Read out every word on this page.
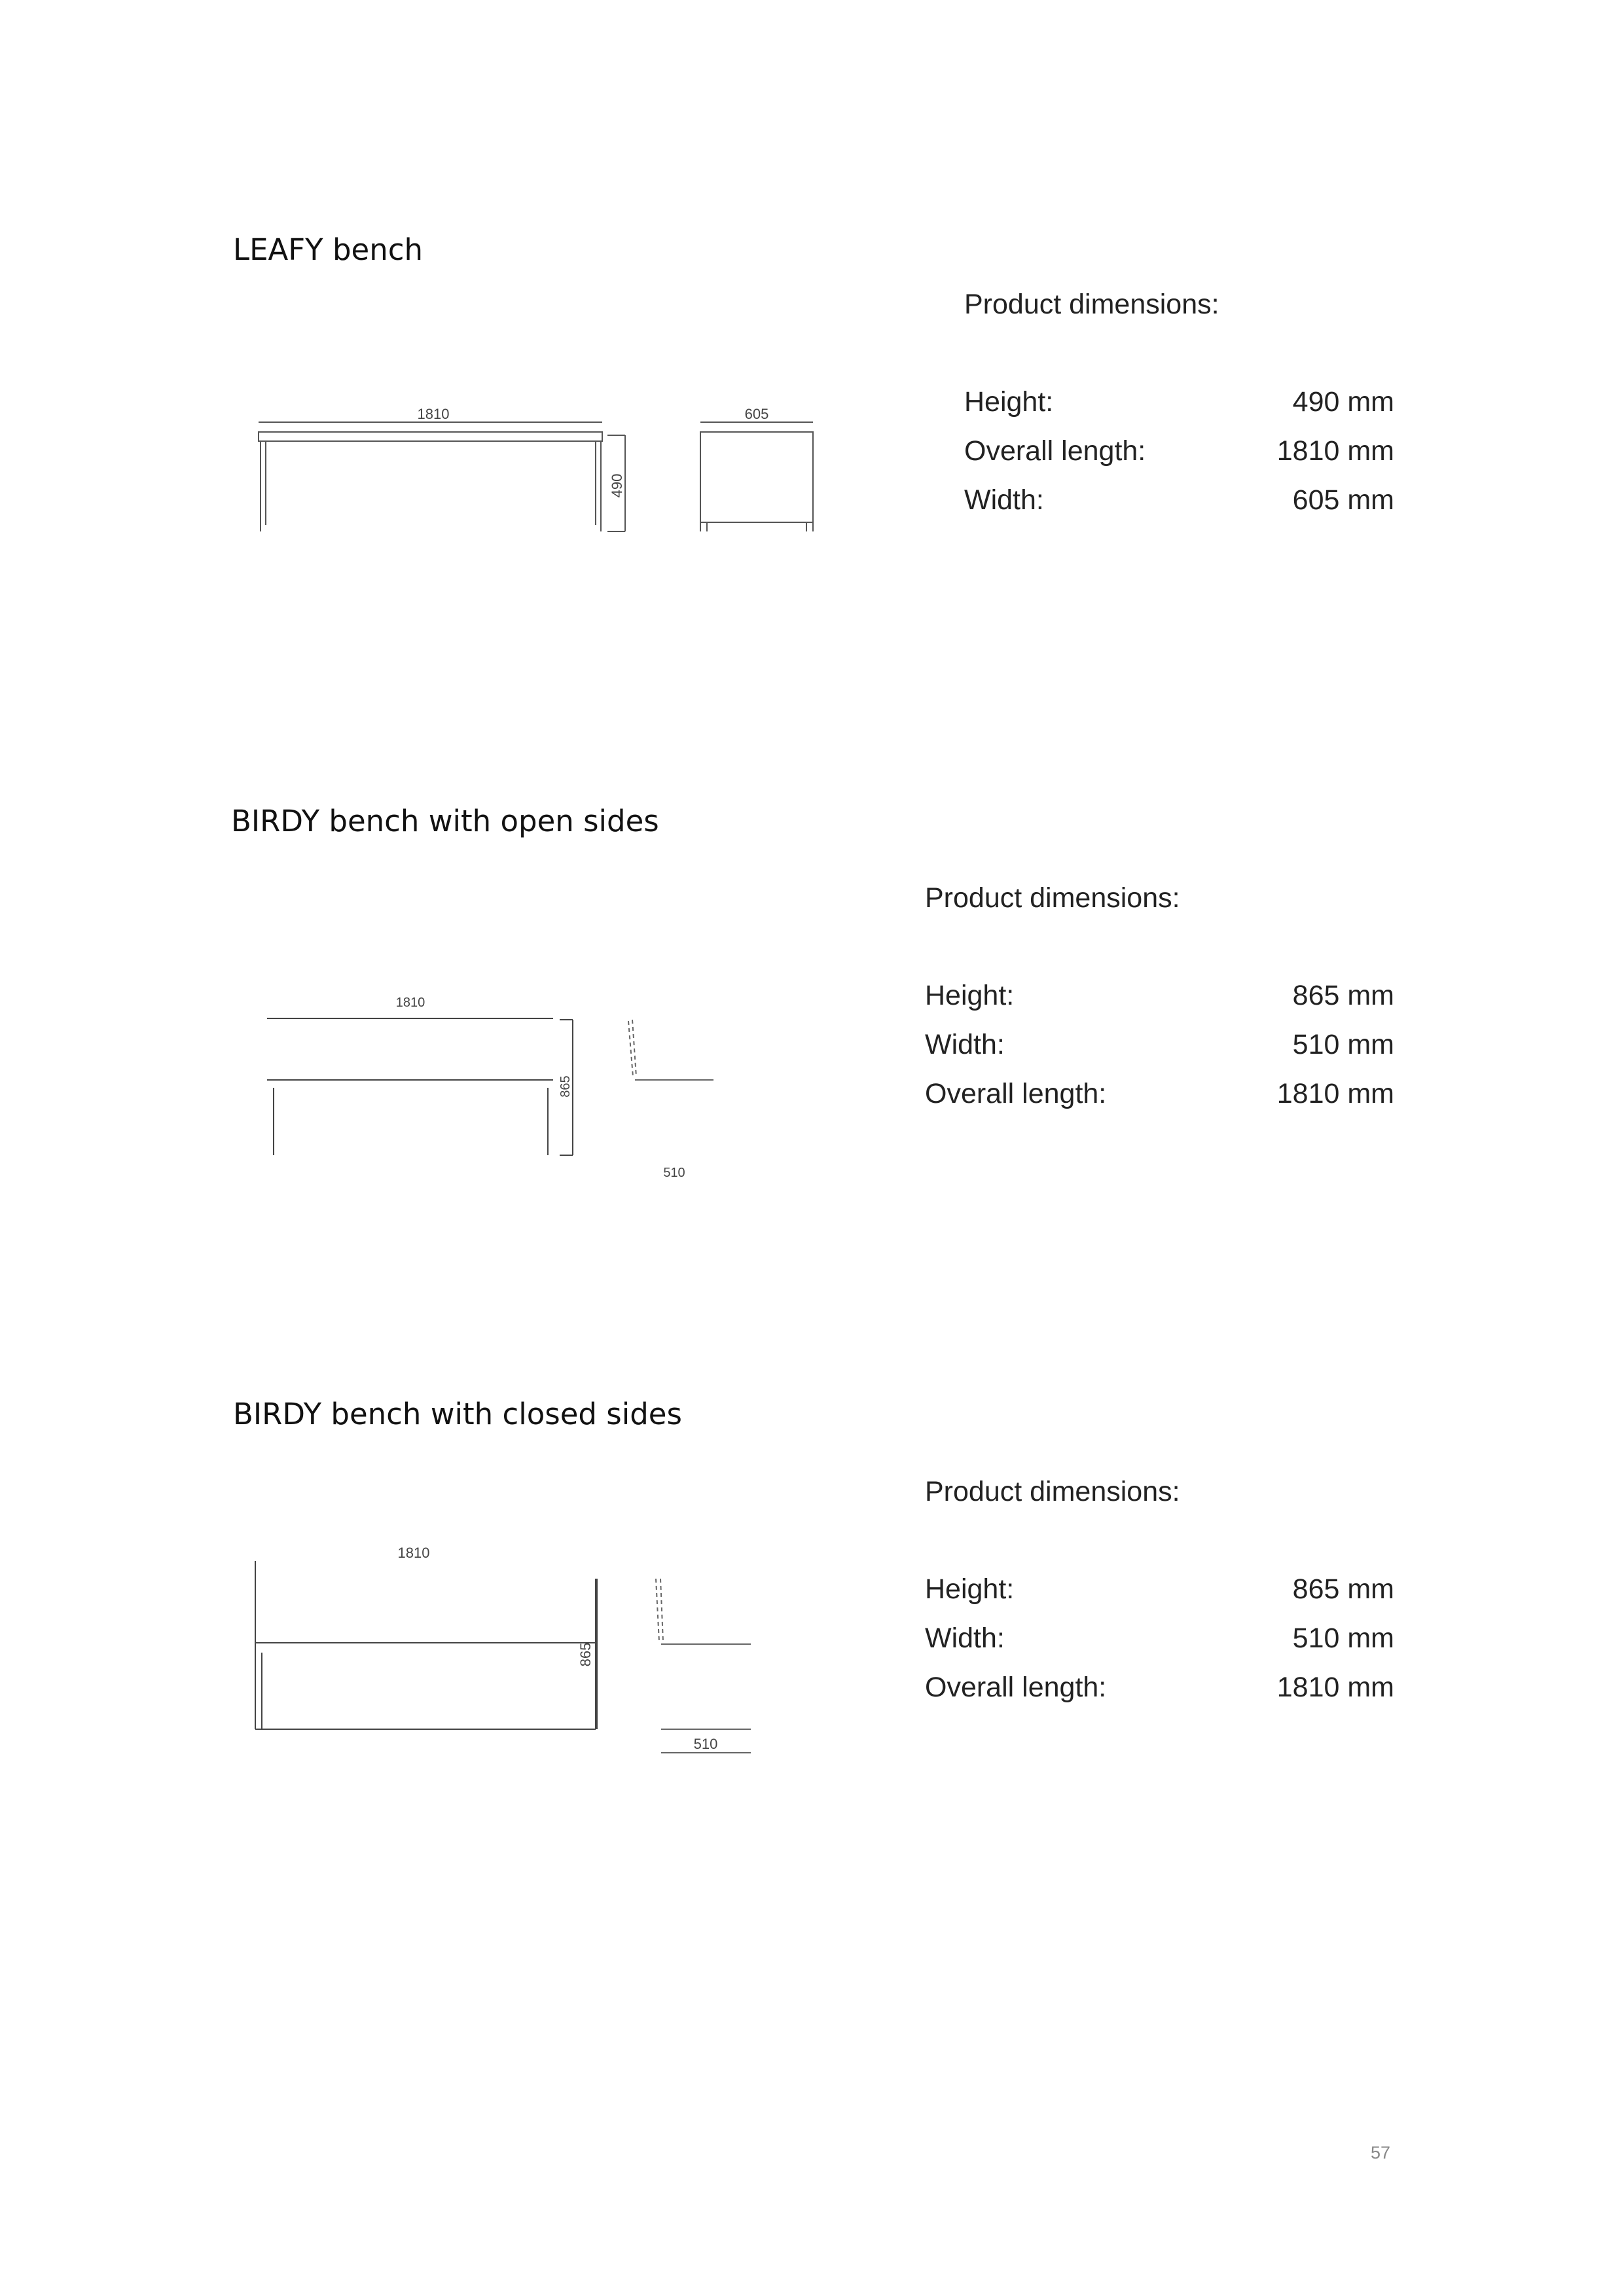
LEAFY bench
1810
490
605
Product dimensions:
Height:	490 mm
Overall length:	1810 mm
Width:	605 mm
BIRDY bench with open sides
1810
865
510
Product dimensions:
Height:	865 mm
Width:	510 mm
Overall length:	1810 mm
BIRDY bench with closed sides
1810
865
510
Product dimensions:
Height:	865 mm
Width:	510 mm
Overall length:	1810 mm
57
